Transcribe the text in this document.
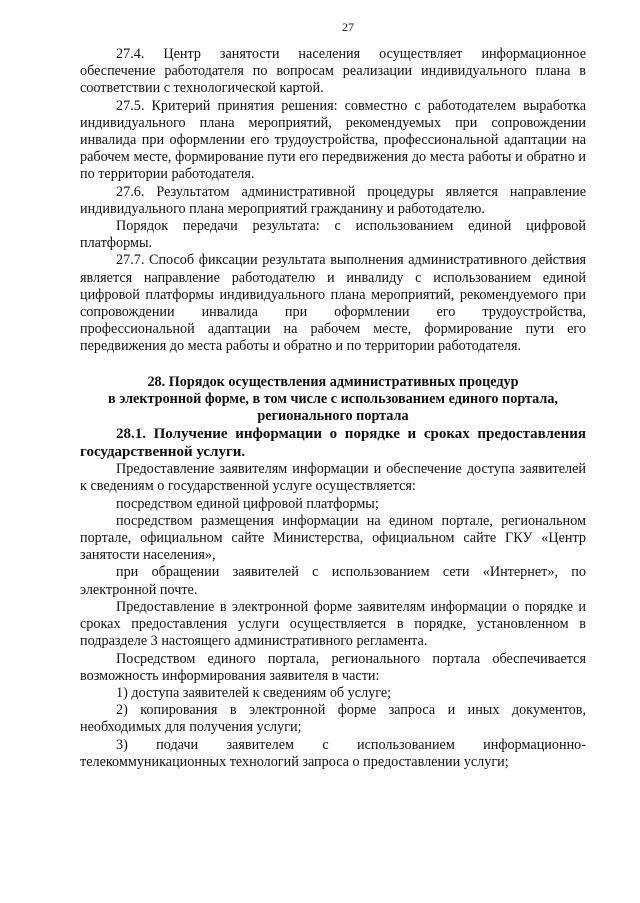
27

27.4. Центр занятости населения осуществляет информационное обеспечение работодателя по вопросам реализации индивидуального плана в соответствии с технологической картой.

27.5. Критерий принятия решения: совместно с работодателем выработка индивидуального плана мероприятий, рекомендуемых при сопровождении инвалида при оформлении его трудоустройства, профессиональной адаптации на рабочем месте, формирование пути его передвижения до места работы и обратно и по территории работодателя.

27.6. Результатом административной процедуры является направление индивидуального плана мероприятий гражданину и работодателю.

Порядок передачи результата: с использованием единой цифровой платформы.

27.7. Способ фиксации результата выполнения административного действия является направление работодателю и инвалиду с использованием единой цифровой платформы индивидуального плана мероприятий, рекомендуемого при сопровождении инвалида при оформлении его трудоустройства, профессиональной адаптации на рабочем месте, формирование пути его передвижения до места работы и обратно и по территории работодателя.

28. Порядок осуществления административных процедур

в электронной форме, в том числе с использованием единого портала,

регионального портала

28.1. Получение информации о порядке и сроках предоставления государственной услуги.

Предоставление заявителям информации и обеспечение доступа заявителей к сведениям о государственной услуге осуществляется:

посредством единой цифровой платформы;

посредством размещения информации на едином портале, региональном портале, официальном сайте Министерства, официальном сайте ГКУ «Центр занятости населения»,

при обращении заявителей с использованием сети «Интернет», по электронной почте.

Предоставление в электронной форме заявителям информации о порядке и сроках предоставления услуги осуществляется в порядке, установленном в подразделе 3 настоящего административного регламента.

Посредством единого портала, регионального портала обеспечивается возможность информирования заявителя в части:

1) доступа заявителей к сведениям об услуге;

2) копирования в электронной форме запроса и иных документов, необходимых для получения услуги;

3) подачи заявителем с использованием информационно-телекоммуникационных технологий запроса о предоставлении услуги;
